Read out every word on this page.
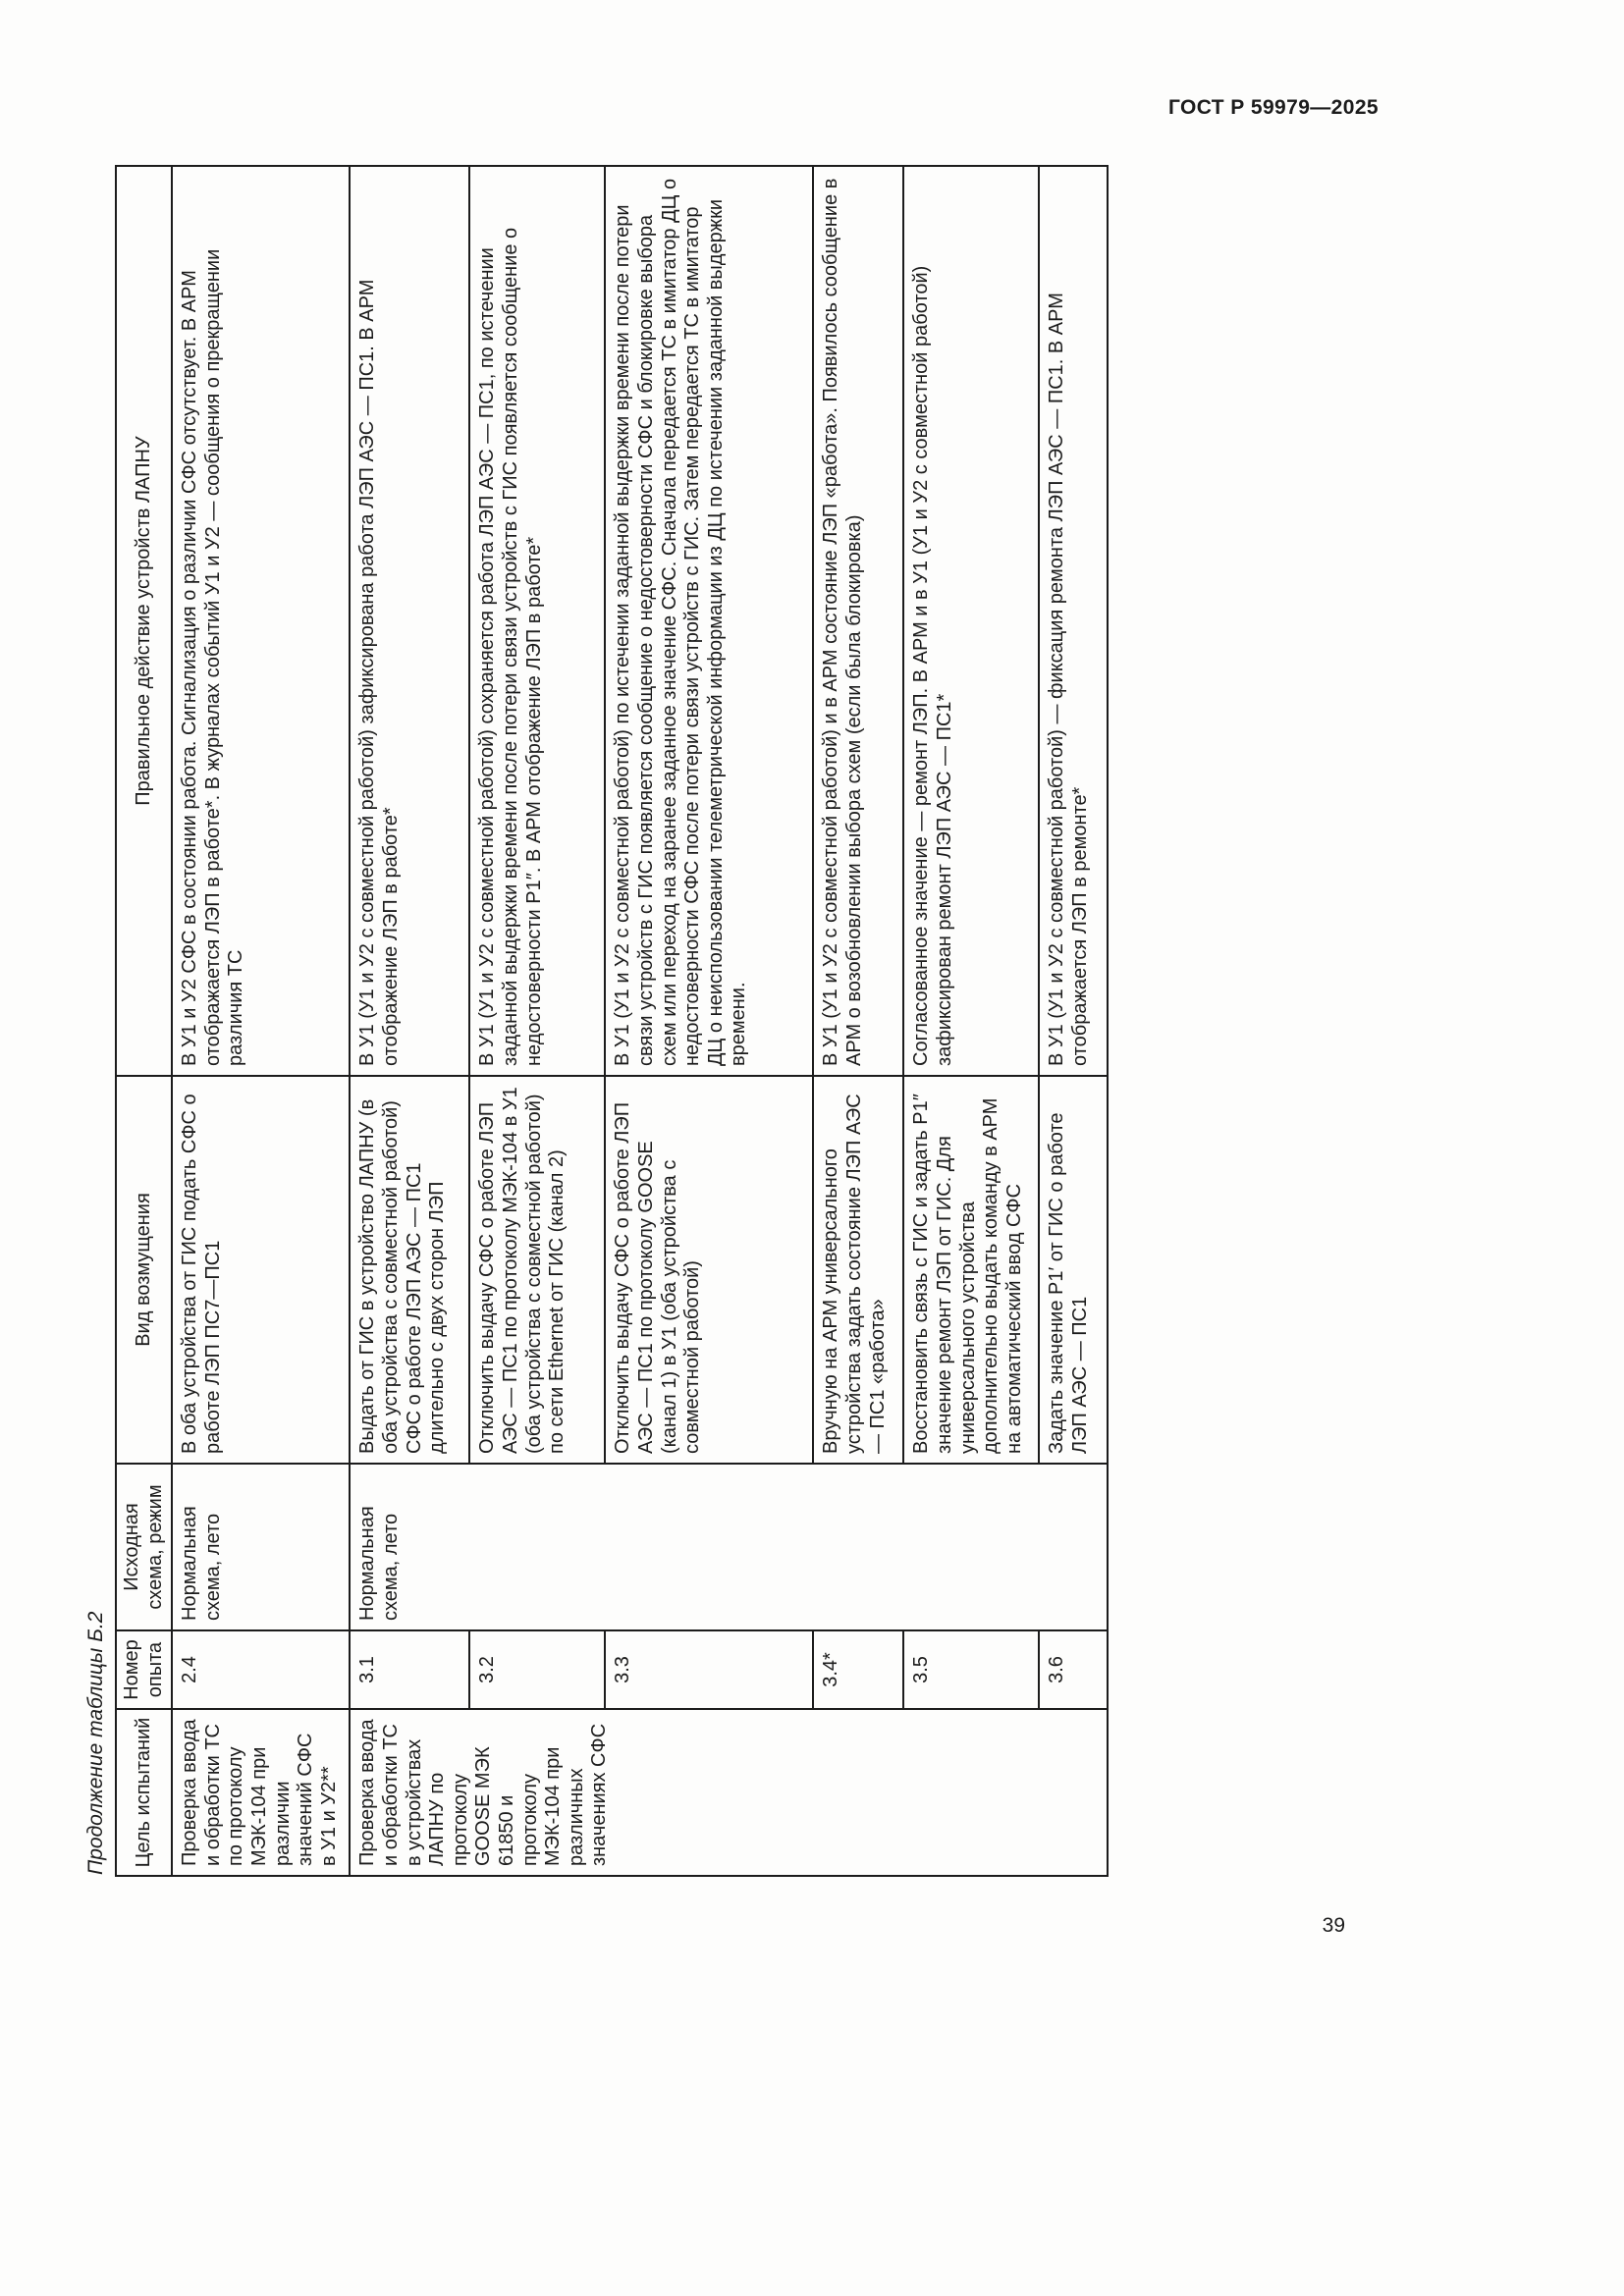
ГОСТ Р 59979—2025
Продолжение таблицы Б.2 Цель испытаний	Номер опыта	Исходная схема, режим	Вид возмущения	Правильное действие устройств ЛАПНУ
Проверка ввода и обработки ТС по протоколу МЭК-104 при различии значений СФС в У1 и У2**	2.4	Нормальная схема, лето	В оба устройства от ГИС подать СФС о работе ЛЭП ПС7—ПС1	В У1 и У2 СФС в состоянии работа. Сигнализация о различии СФС отсутствует. В АРМ отображается ЛЭП в работе*. В журналах событий У1 и У2 — сообщения о прекращении различия ТС
Проверка ввода и обработки ТС в устройствах ЛАПНУ по протоколу GOOSE МЭК 61850 и протоколу МЭК-104 при различных значениях СФС	3.1	Нормальная схема, лето	Выдать от ГИС в устройство ЛАПНУ (в оба устройства с совместной работой) СФС о работе ЛЭП АЭС — ПС1 длительно с двух сторон ЛЭП	В У1 (У1 и У2 с совместной работой) зафиксирована работа ЛЭП АЭС — ПС1. В АРМ отображение ЛЭП в работе*
	3.2		Отключить выдачу СФС о работе ЛЭП АЭС — ПС1 по протоколу МЭК-104 в У1 (оба устройства с совместной работой) по сети Ethernet от ГИС (канал 2)	В У1 (У1 и У2 с совместной работой) сохраняется работа ЛЭП АЭС — ПС1, по истечении заданной выдержки времени после потери связи устройств с ГИС появляется сообщение о недостоверности Р1″. В АРМ отображение ЛЭП в работе*
	3.3		Отключить выдачу СФС о работе ЛЭП АЭС — ПС1 по протоколу GOOSE (канал 1) в У1 (оба устройства с совместной работой)	В У1 (У1 и У2 с совместной работой) по истечении заданной выдержки времени после потери связи устройств с ГИС появляется сообщение о недостоверности СФС и блокировке выбора схем или переход на заранее заданное значение СФС. Сначала передается ТС в имитатор ДЦ о недостоверности СФС после потери связи устройств с ГИС. Затем передается ТС в имитатор ДЦ о неиспользовании телеметрической информации из ДЦ по истечении заданной выдержки времени.
	3.4*		Вручную на АРМ универсального устройства задать состояние ЛЭП АЭС — ПС1 «работа»	В У1 (У1 и У2 с совместной работой) и в АРМ состояние ЛЭП «работа». Появилось сообщение в АРМ о возобновлении выбора схем (если была блокировка)
	3.5		Восстановить связь с ГИС и задать Р1″ значение ремонт ЛЭП от ГИС. Для универсального устройства дополнительно выдать команду в АРМ на автоматический ввод СФС	Согласованное значение — ремонт ЛЭП. В АРМ и в У1 (У1 и У2 с совместной работой) зафиксирован ремонт ЛЭП АЭС — ПС1*
	3.6		Задать значение Р1′ от ГИС о работе ЛЭП АЭС — ПС1	В У1 (У1 и У2 с совместной работой) — фиксация ремонта ЛЭП АЭС — ПС1. В АРМ отображается ЛЭП в ремонте*
39
